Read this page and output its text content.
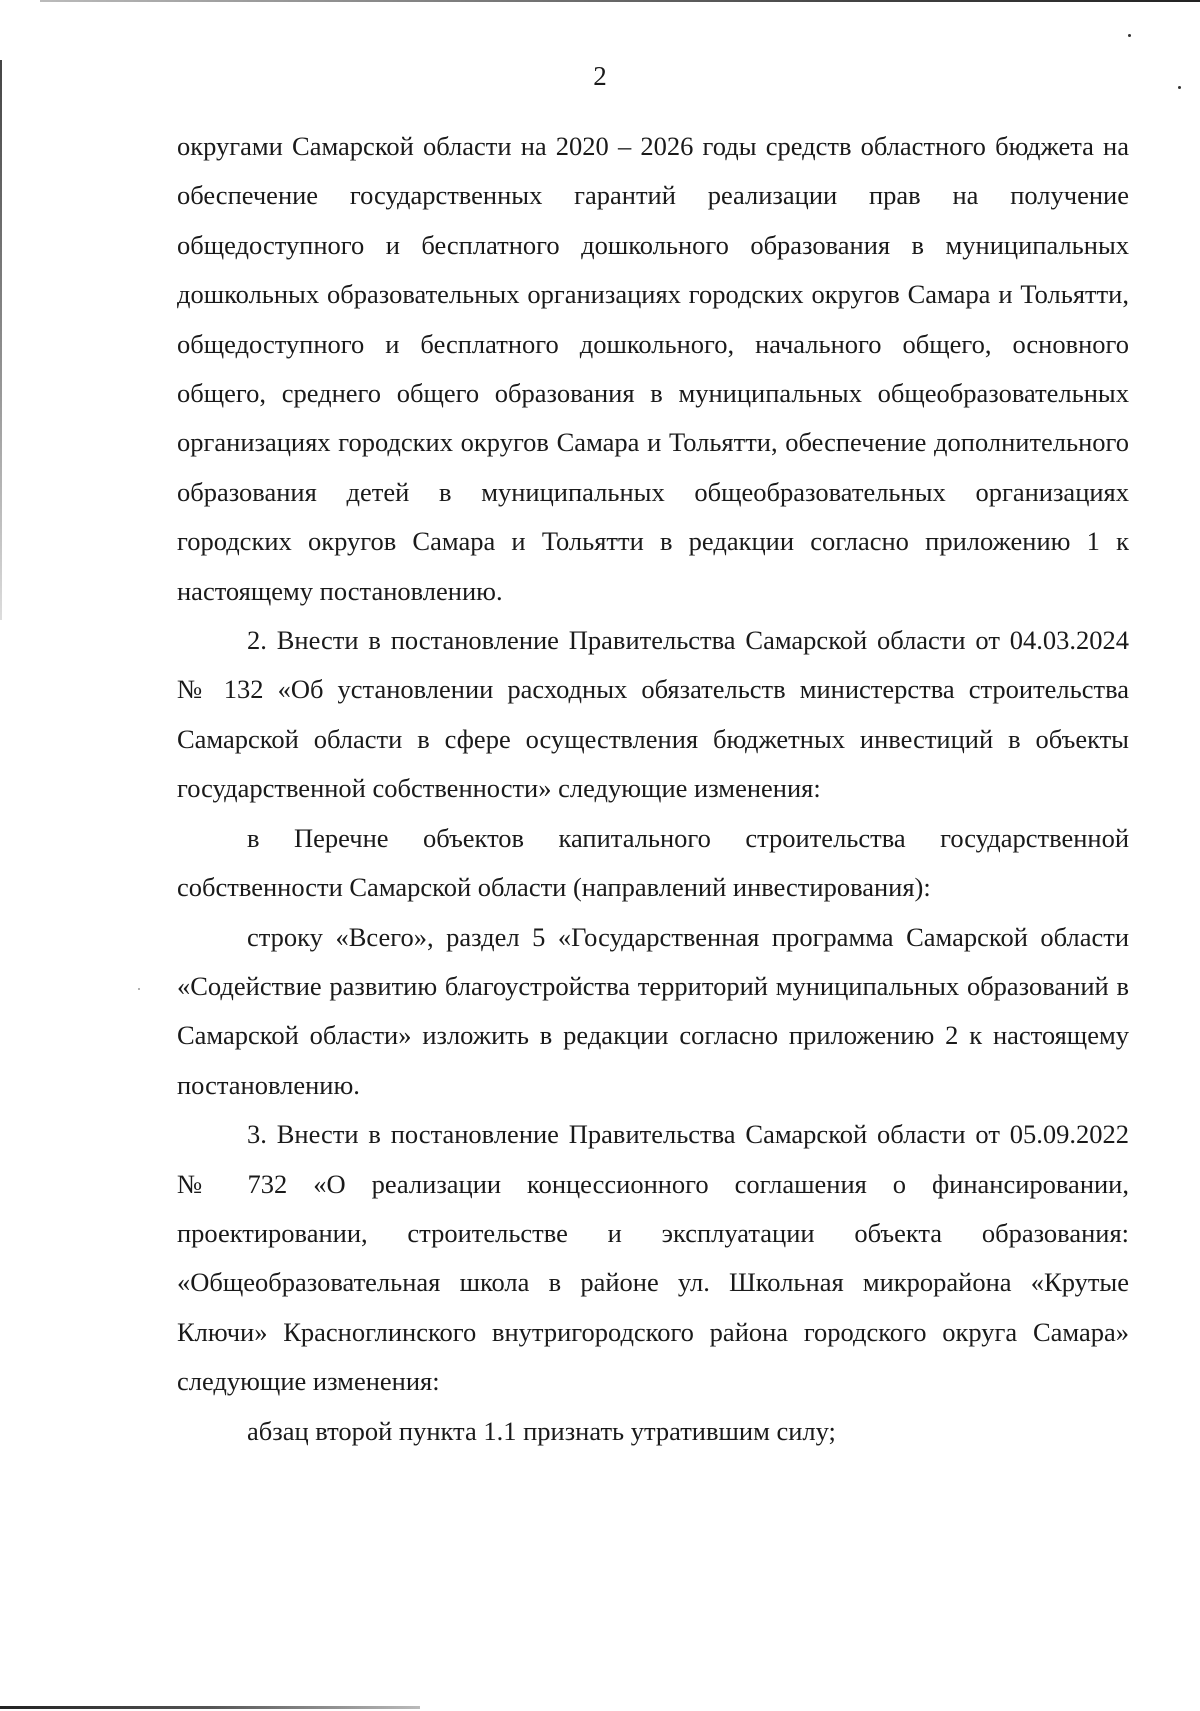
2

округами Самарской области на 2020 – 2026 годы средств областного бюджета на обеспечение государственных гарантий реализации прав на получение общедоступного и бесплатного дошкольного образования в муниципальных дошкольных образовательных организациях городских округов Самара и Тольятти, общедоступного и бесплатного дошкольного, начального общего, основного общего, среднего общего образования в муниципальных общеобразовательных организациях городских округов Самара и Тольятти, обеспечение дополнительного образования детей в муниципальных общеобразовательных организациях городских округов Самара и Тольятти в редакции согласно приложению 1 к настоящему постановлению.

2. Внести в постановление Правительства Самарской области от 04.03.2024 № 132 «Об установлении расходных обязательств министерства строительства Самарской области в сфере осуществления бюджетных инвестиций в объекты государственной собственности» следующие изменения:

в Перечне объектов капитального строительства государственной собственности Самарской области (направлений инвестирования):

строку «Всего», раздел 5 «Государственная программа Самарской области «Содействие развитию благоустройства территорий муниципальных образований в Самарской области» изложить в редакции согласно приложению 2 к настоящему постановлению.

3. Внести в постановление Правительства Самарской области от 05.09.2022 № 732 «О реализации концессионного соглашения о финансировании, проектировании, строительстве и эксплуатации объекта образования: «Общеобразовательная школа в районе ул. Школьная микрорайона «Крутые Ключи» Красноглинского внутригородского района городского округа Самара» следующие изменения:

абзац второй пункта 1.1 признать утратившим силу;
